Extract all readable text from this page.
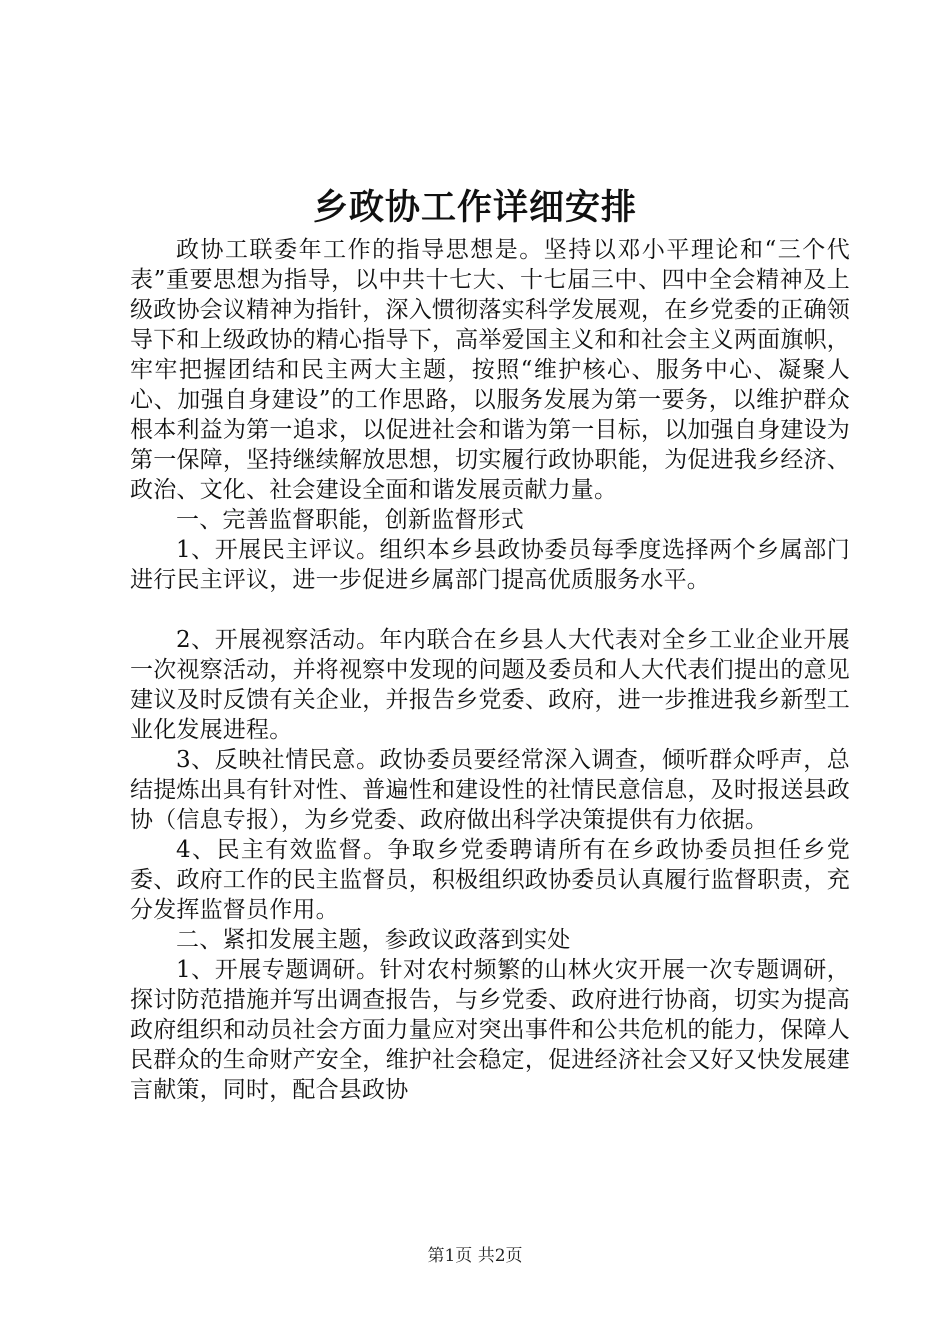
乡政协工作详细安排

政协工联委年工作的指导思想是。坚持以邓小平理论和“三个代表”重要思想为指导，以中共十七大、十七届三中、四中全会精神及上级政协会议精神为指针，深入惯彻落实科学发展观，在乡党委的正确领导下和上级政协的精心指导下，高举爱国主义和和社会主义两面旗帜，牢牢把握团结和民主两大主题，按照“维护核心、服务中心、凝聚人心、加强自身建设”的工作思路，以服务发展为第一要务，以维护群众根本利益为第一追求，以促进社会和谐为第一目标，以加强自身建设为第一保障，坚持继续解放思想，切实履行政协职能，为促进我乡经济、政治、文化、社会建设全面和谐发展贡献力量。

一、完善监督职能，创新监督形式

1、开展民主评议。组织本乡县政协委员每季度选择两个乡属部门进行民主评议，进一步促进乡属部门提高优质服务水平。

2、开展视察活动。年内联合在乡县人大代表对全乡工业企业开展一次视察活动，并将视察中发现的问题及委员和人大代表们提出的意见建议及时反馈有关企业，并报告乡党委、政府，进一步推进我乡新型工业化发展进程。

3、反映社情民意。政协委员要经常深入调查，倾听群众呼声，总结提炼出具有针对性、普遍性和建设性的社情民意信息，及时报送县政协（信息专报），为乡党委、政府做出科学决策提供有力依据。

4、民主有效监督。争取乡党委聘请所有在乡政协委员担任乡党委、政府工作的民主监督员，积极组织政协委员认真履行监督职责，充分发挥监督员作用。

二、紧扣发展主题，参政议政落到实处

1、开展专题调研。针对农村频繁的山林火灾开展一次专题调研，探讨防范措施并写出调查报告，与乡党委、政府进行协商，切实为提高政府组织和动员社会方面力量应对突出事件和公共危机的能力，保障人民群众的生命财产安全，维护社会稳定，促进经济社会又好又快发展建言献策，同时，配合县政协

第1页 共2页
